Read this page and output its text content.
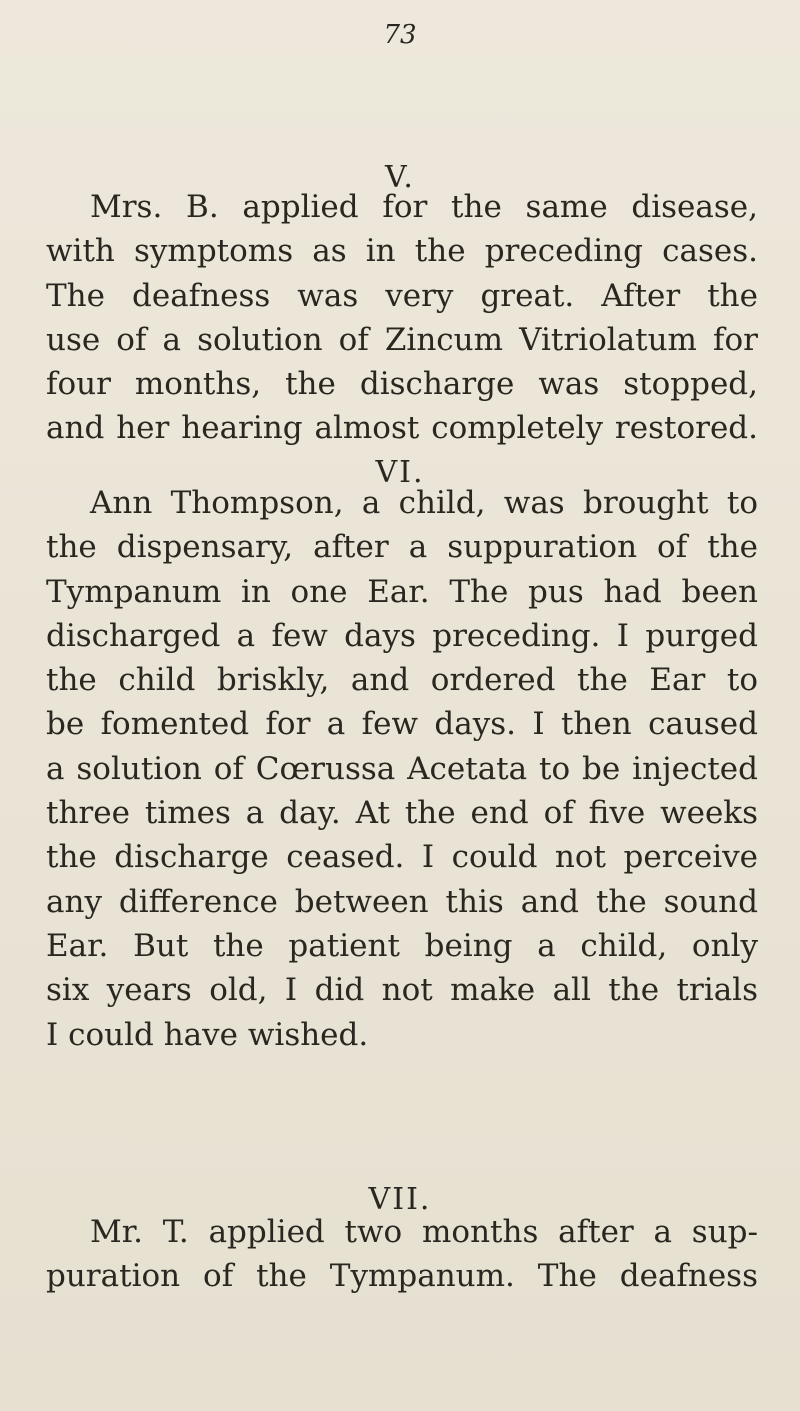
73
V.
Mrs. B. applied for the same disease,
with symptoms as in the preceding cases.
The deafness was very great. After the
use of a solution of Zincum Vitriolatum for
four months, the discharge was stopped,
and her hearing almost completely restored.
VI.
Ann Thompson, a child, was brought to
the dispensary, after a suppuration of the
Tympanum in one Ear. The pus had been
discharged a few days preceding. I purged
the child briskly, and ordered the Ear to
be fomented for a few days. I then caused
a solution of Cœrussa Acetata to be injected
three times a day. At the end of five weeks
the discharge ceased. I could not perceive
any difference between this and the sound
Ear. But the patient being a child, only
six years old, I did not make all the trials
I could have wished.
VII.
Mr. T. applied two months after a sup-
puration of the Tympanum. The deafness
